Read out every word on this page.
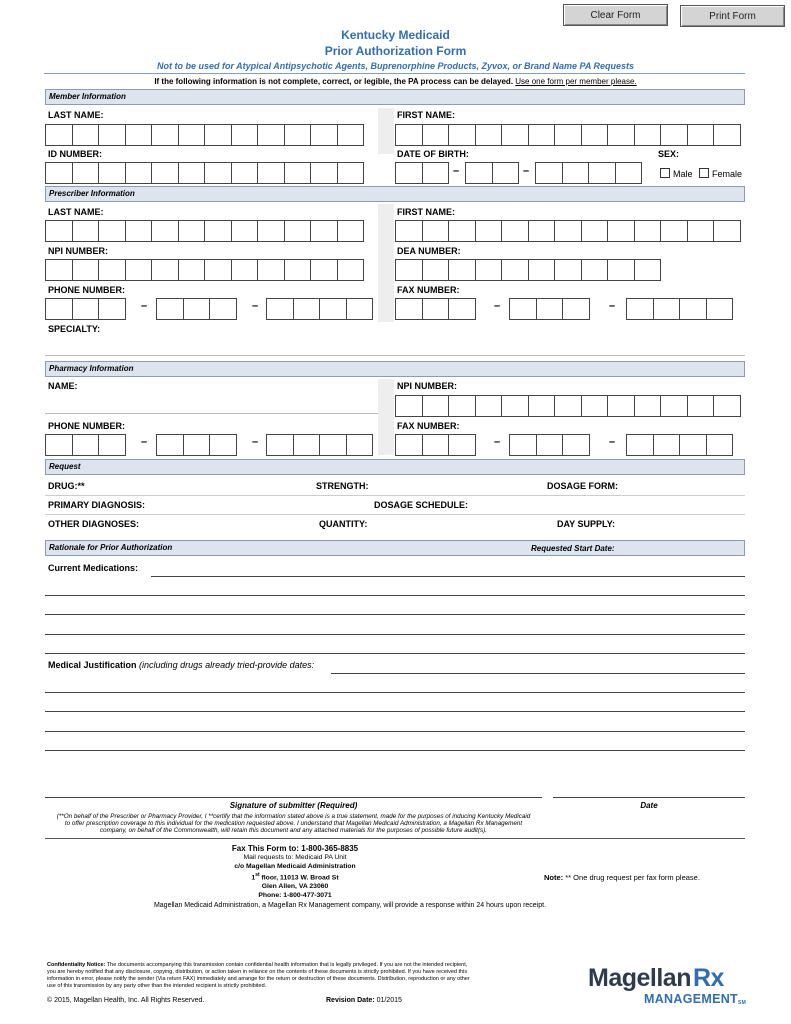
Clear Form	Print Form
Kentucky Medicaid
Prior Authorization Form
Not to be used for Atypical Antipsychotic Agents, Buprenorphine Products, Zyvox, or Brand Name PA Requests
If the following information is not complete, correct, or legible, the PA process can be delayed. Use one form per member please.
Member Information
LAST NAME:	FIRST NAME:
ID NUMBER:	DATE OF BIRTH:	SEX:
–	–	Male Female
Prescriber Information
LAST NAME:	FIRST NAME:
NPI NUMBER:	DEA NUMBER:
PHONE NUMBER:	FAX NUMBER:
–	–	–	–
SPECIALTY:
Pharmacy Information
NAME:	NPI NUMBER:
PHONE NUMBER:	FAX NUMBER:
–	–	–	–
Request
DRUG:**	STRENGTH:	DOSAGE FORM:
PRIMARY DIAGNOSIS:	DOSAGE SCHEDULE:
OTHER DIAGNOSES:	QUANTITY:	DAY SUPPLY:
Rationale for Prior Authorization	Requested Start Date:
Current Medications:
Medical Justification (including drugs already tried-provide dates:
Signature of submitter (Required)	Date
(**On behalf of the Prescriber or Pharmacy Provider, I **certify that the information stated above is a true statement, made for the purposes of inducing Kentucky Medicaid
to offer prescription coverage to this individual for the medication requested above. I understand that Magellan Medicaid Administration, a Magellan Rx Management
company, on behalf of the Commonwealth, will retain this document and any attached materials for the purposes of possible future audit(s).
Fax This Form to: 1-800-365-8835
Mail requests to: Medicaid PA Unit
c/o Magellan Medicaid Administration
1st floor, 11013 W. Broad St
Glen Allen, VA 23060
Phone: 1-800-477-3071
Note: ** One drug request per fax form please.
Magellan Medicaid Administration, a Magellan Rx Management company, will provide a response within 24 hours upon receipt.
Confidentiality Notice: The documents accompanying this transmission contain confidential health information that is legally privileged. If you are not the intended recipient,
you are hereby notified that any disclosure, copying, distribution, or action taken in reliance on the contents of these documents is strictly prohibited. If you have received this
information in error, please notify the sender (Via return FAX) immediately and arrange for the return or destruction of these documents. Distribution, reproduction or any other
use of this transmission by any party other than the intended recipient is strictly prohibited.
© 2015, Magellan Health, Inc. All Rights Reserved.	Revision Date: 01/2015
MagellanRx
MANAGEMENTSM
